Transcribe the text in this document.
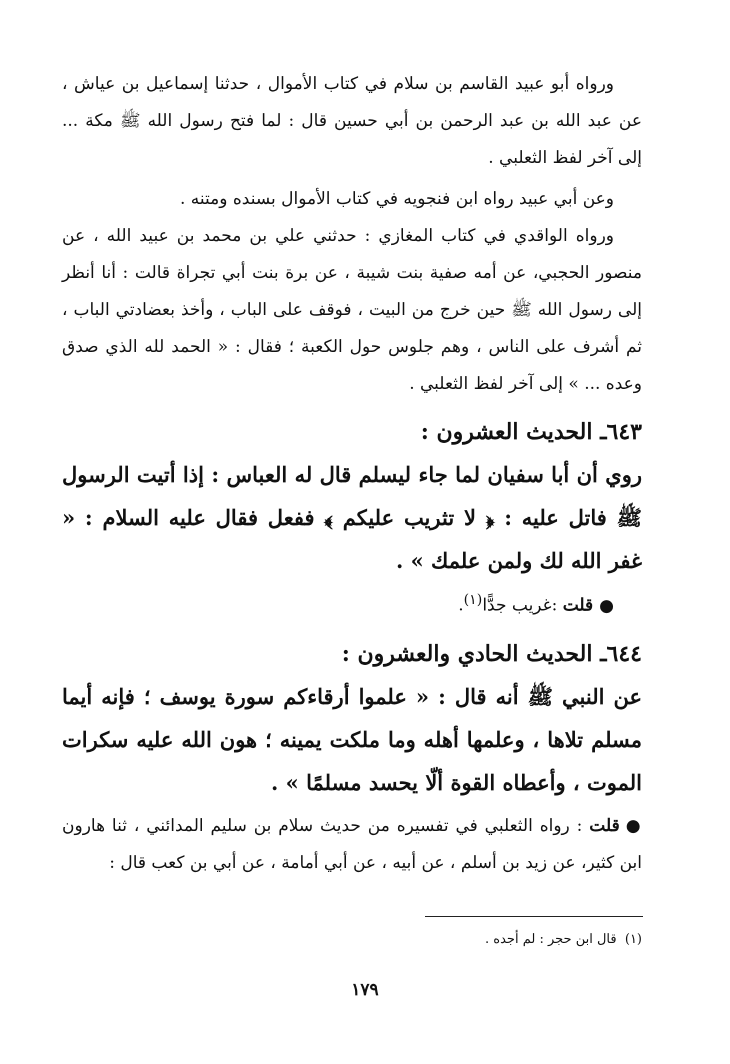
ورواه أبو عبيد القاسم بن سلام في كتاب الأموال ، حدثنا إسماعيل بن عياش ، عن عبد الله بن عبد الرحمن بن أبي حسين قال : لما فتح رسول الله ﷺ مكة ... إلى آخر لفظ الثعلبي .

وعن أبي عبيد رواه ابن فنجويه في كتاب الأموال بسنده ومتنه .

ورواه الواقدي في كتاب المغازي : حدثني علي بن محمد بن عبيد الله ، عن منصور الحجبي، عن أمه صفية بنت شيبة ، عن برة بنت أبي تجراة قالت : أنا أنظر إلى رسول الله ﷺ حين خرج من البيت ، فوقف على الباب ، وأخذ بعضادتي الباب ، ثم أشرف على الناس ، وهم جلوس حول الكعبة ؛ فقال : « الحمد لله الذي صدق وعده ... » إلى آخر لفظ الثعلبي .

٦٤٣ـ الحديث العشرون :

روي أن أبا سفيان لما جاء ليسلم قال له العباس : إذا أتيت الرسول ﷺ فاتل عليه : ﴿ لا تثريب عليكم ﴾ ففعل فقال عليه السلام : « غفر الله لك ولمن علمك » .

●قلت :غريب جدًّا$^{(١)}$.

٦٤٤ـ الحديث الحادي والعشرون :

عن النبي ﷺ أنه قال : « علموا أرقاءكم سورة يوسف ؛ فإنه أيما مسلم تلاها ، وعلمها أهله وما ملكت يمينه ؛ هون الله عليه سكرات الموت ، وأعطاه القوة ألّا يحسد مسلمًا » .

●قلت : رواه الثعلبي في تفسيره من حديث سلام بن سليم المدائني ، ثنا هارون ابن كثير، عن زيد بن أسلم ، عن أبيه ، عن أبي أمامة ، عن أبي بن كعب قال :

(١)  قال ابن حجر : لم أجده .
١٧٩
